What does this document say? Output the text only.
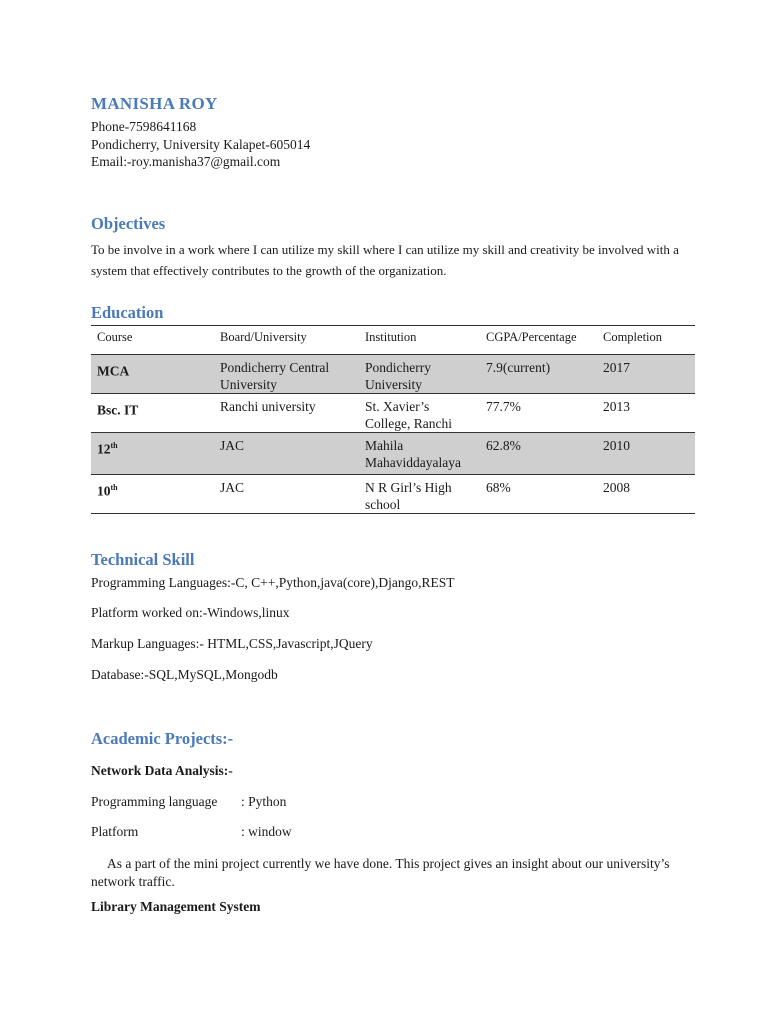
MANISHA ROY
Phone-7598641168
Pondicherry, University Kalapet-605014
Email:-roy.manisha37@gmail.com
Objectives
To be involve in a work where I can utilize my skill where I can utilize my skill and creativity be involved with a system that effectively contributes to the growth of the organization.
Education
Course	Board/University	Institution	CGPA/Percentage	Completion
MCA	Pondicherry Central University	Pondicherry University	7.9(current)	2017
Bsc. IT	Ranchi university	St. Xavier’s College, Ranchi	77.7%	2013
12th	JAC	Mahila Mahaviddayalaya	62.8%	2010
10th	JAC	N R Girl’s High school	68%	2008
Technical Skill
Programming Languages:-C, C++,Python,java(core),Django,REST
Platform worked on:-Windows,linux
Markup Languages:- HTML,CSS,Javascript,JQuery
Database:-SQL,MySQL,Mongodb
Academic Projects:-
Network Data Analysis:-
Programming language : Python
Platform	: window
As a part of the mini project currently we have done. This project gives an insight about our university’s network traffic.
Library Management System
